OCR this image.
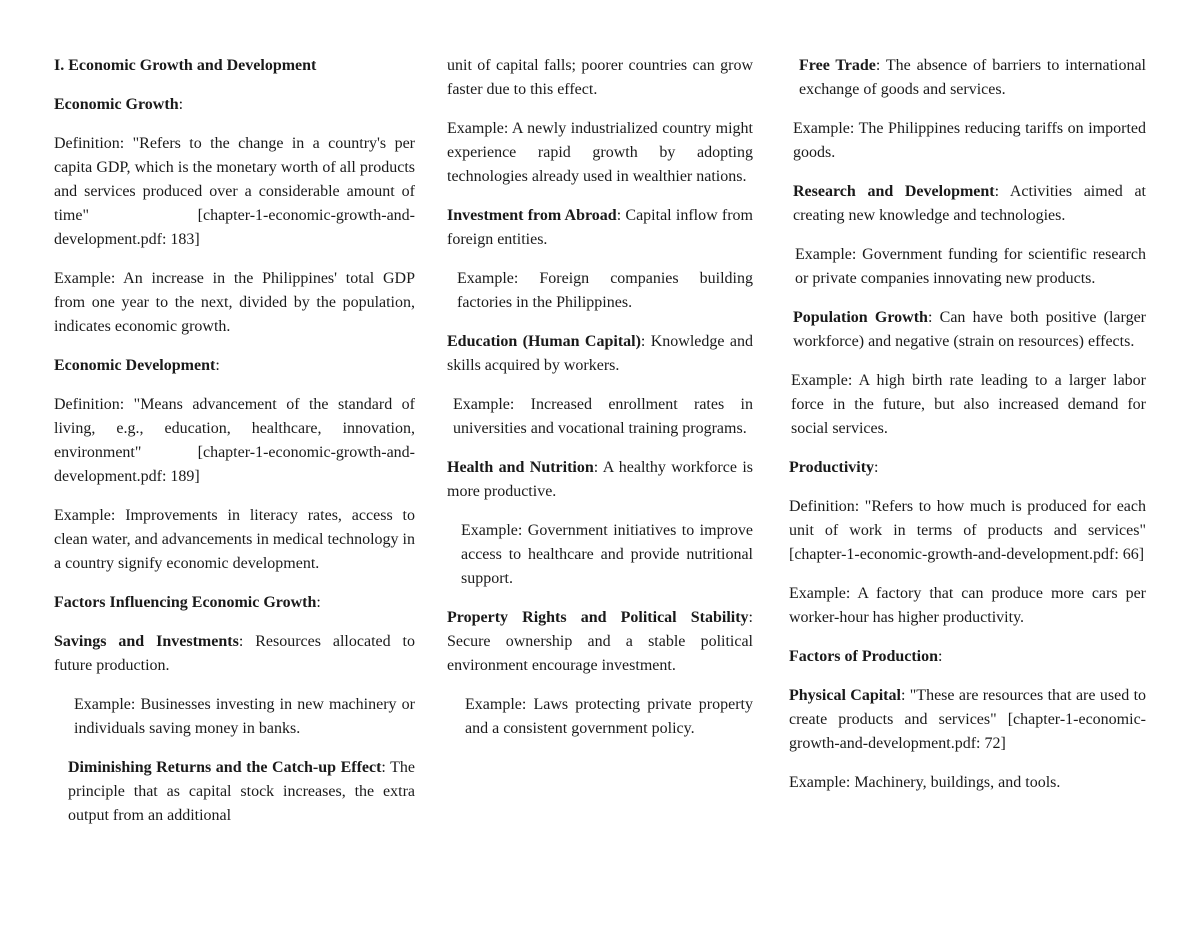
I. Economic Growth and Development

Economic Growth:

Definition: "Refers to the change in a country's per capita GDP, which is the monetary worth of all products and services produced over a considerable amount of time" [chapter-1-economic-growth-and-development.pdf: 183]

Example: An increase in the Philippines' total GDP from one year to the next, divided by the population, indicates economic growth.

Economic Development:

Definition: "Means advancement of the standard of living, e.g., education, healthcare, innovation, environment" [chapter-1-economic-growth-and-development.pdf: 189]

Example: Improvements in literacy rates, access to clean water, and advancements in medical technology in a country signify economic development.

Factors Influencing Economic Growth:

Savings and Investments: Resources allocated to future production.

Example: Businesses investing in new machinery or individuals saving money in banks.

Diminishing Returns and the Catch-up Effect: The principle that as capital stock increases, the extra output from an additional

unit of capital falls; poorer countries can grow faster due to this effect.

Example: A newly industrialized country might experience rapid growth by adopting technologies already used in wealthier nations.

Investment from Abroad: Capital inflow from foreign entities.

Example: Foreign companies building factories in the Philippines.

Education (Human Capital): Knowledge and skills acquired by workers.

Example: Increased enrollment rates in universities and vocational training programs.

Health and Nutrition: A healthy workforce is more productive.

Example: Government initiatives to improve access to healthcare and provide nutritional support.

Property Rights and Political Stability: Secure ownership and a stable political environment encourage investment.

Example: Laws protecting private property and a consistent government policy.

Free Trade: The absence of barriers to international exchange of goods and services.

Example: The Philippines reducing tariffs on imported goods.

Research and Development: Activities aimed at creating new knowledge and technologies.

Example: Government funding for scientific research or private companies innovating new products.

Population Growth: Can have both positive (larger workforce) and negative (strain on resources) effects.

Example: A high birth rate leading to a larger labor force in the future, but also increased demand for social services.

Productivity:

Definition: "Refers to how much is produced for each unit of work in terms of products and services" [chapter-1-economic-growth-and-development.pdf: 66]

Example: A factory that can produce more cars per worker-hour has higher productivity.

Factors of Production:

Physical Capital: "These are resources that are used to create products and services" [chapter-1-economic-growth-and-development.pdf: 72]

Example: Machinery, buildings, and tools.
